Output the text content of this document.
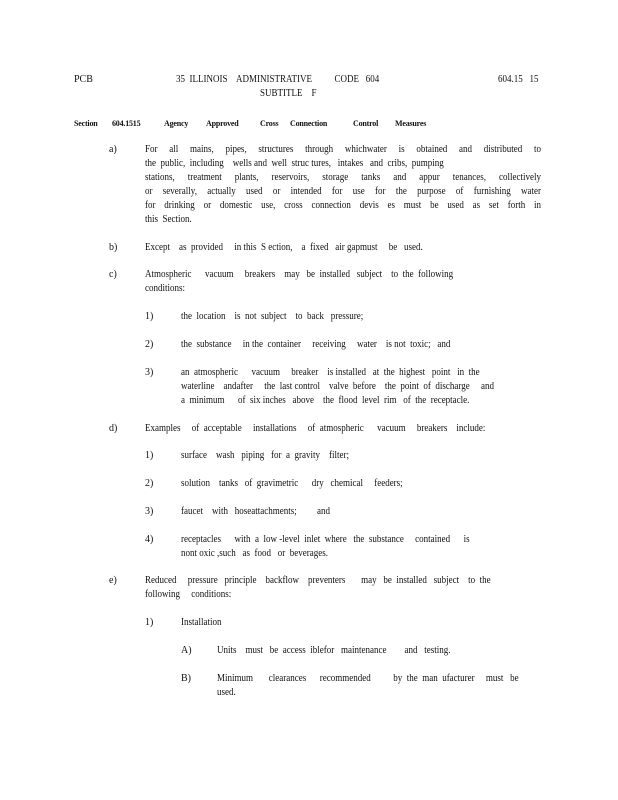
PCB	35  ILLINOIS    ADMINISTRATIVE          CODE   604
SUBTITLE    F
604.15   15
Section 604.1515	Agency Approved	Cross Connection	Control Measures
a)	For all mains, pipes, structures through whichwater is obtained and distributed to
the  public,  including    wells and  well  struc tures,   intakes   and  cribs,  pumping
stations, treatment plants, reservoirs, storage tanks and appur tenances, collectively
or severally, actually used or intended for use for the purpose of furnishing water
for drinking or domestic use, cross connection devis es must be used as set forth in
this  Section.
b)	Except    as  provided     in this  S ection,    a  fixed   air gapmust     be   used.
c)	Atmospheric      vacuum     breakers    may   be  installed   subject    to  the  following
conditions:
1)	the  location    is  not  subject    to  back   pressure;
2)	the  substance     in the  container     receiving     water    is not  toxic;   and
3)	an  atmospheric      vacuum     breaker    is installed   at  the  highest   point   in  the
waterline    andafter     the  last control    valve  before    the  point  of  discharge     and
a  minimum      of  six inches   above    the  flood  level  rim   of  the  receptacle.
d)	Examples     of  acceptable     installations     of  atmospheric      vacuum     breakers    include:
1)	surface    wash   piping   for  a  gravity    filter;
2)	solution    tanks   of  gravimetric      dry   chemical     feeders;
3)	faucet    with   hoseattachments;         and
4)	receptacles      with  a  low -level  inlet  where   the  substance     contained      is
nont oxic ,such   as  food   or  beverages.
e)	Reduced     pressure   principle    backflow    preventers       may   be  installed   subject    to  the
following     conditions:
1)	Installation
A)	Units    must   be  access  iblefor   maintenance        and   testing.
B)	Minimum       clearances      recommended          by  the  man  ufacturer     must   be
used.
